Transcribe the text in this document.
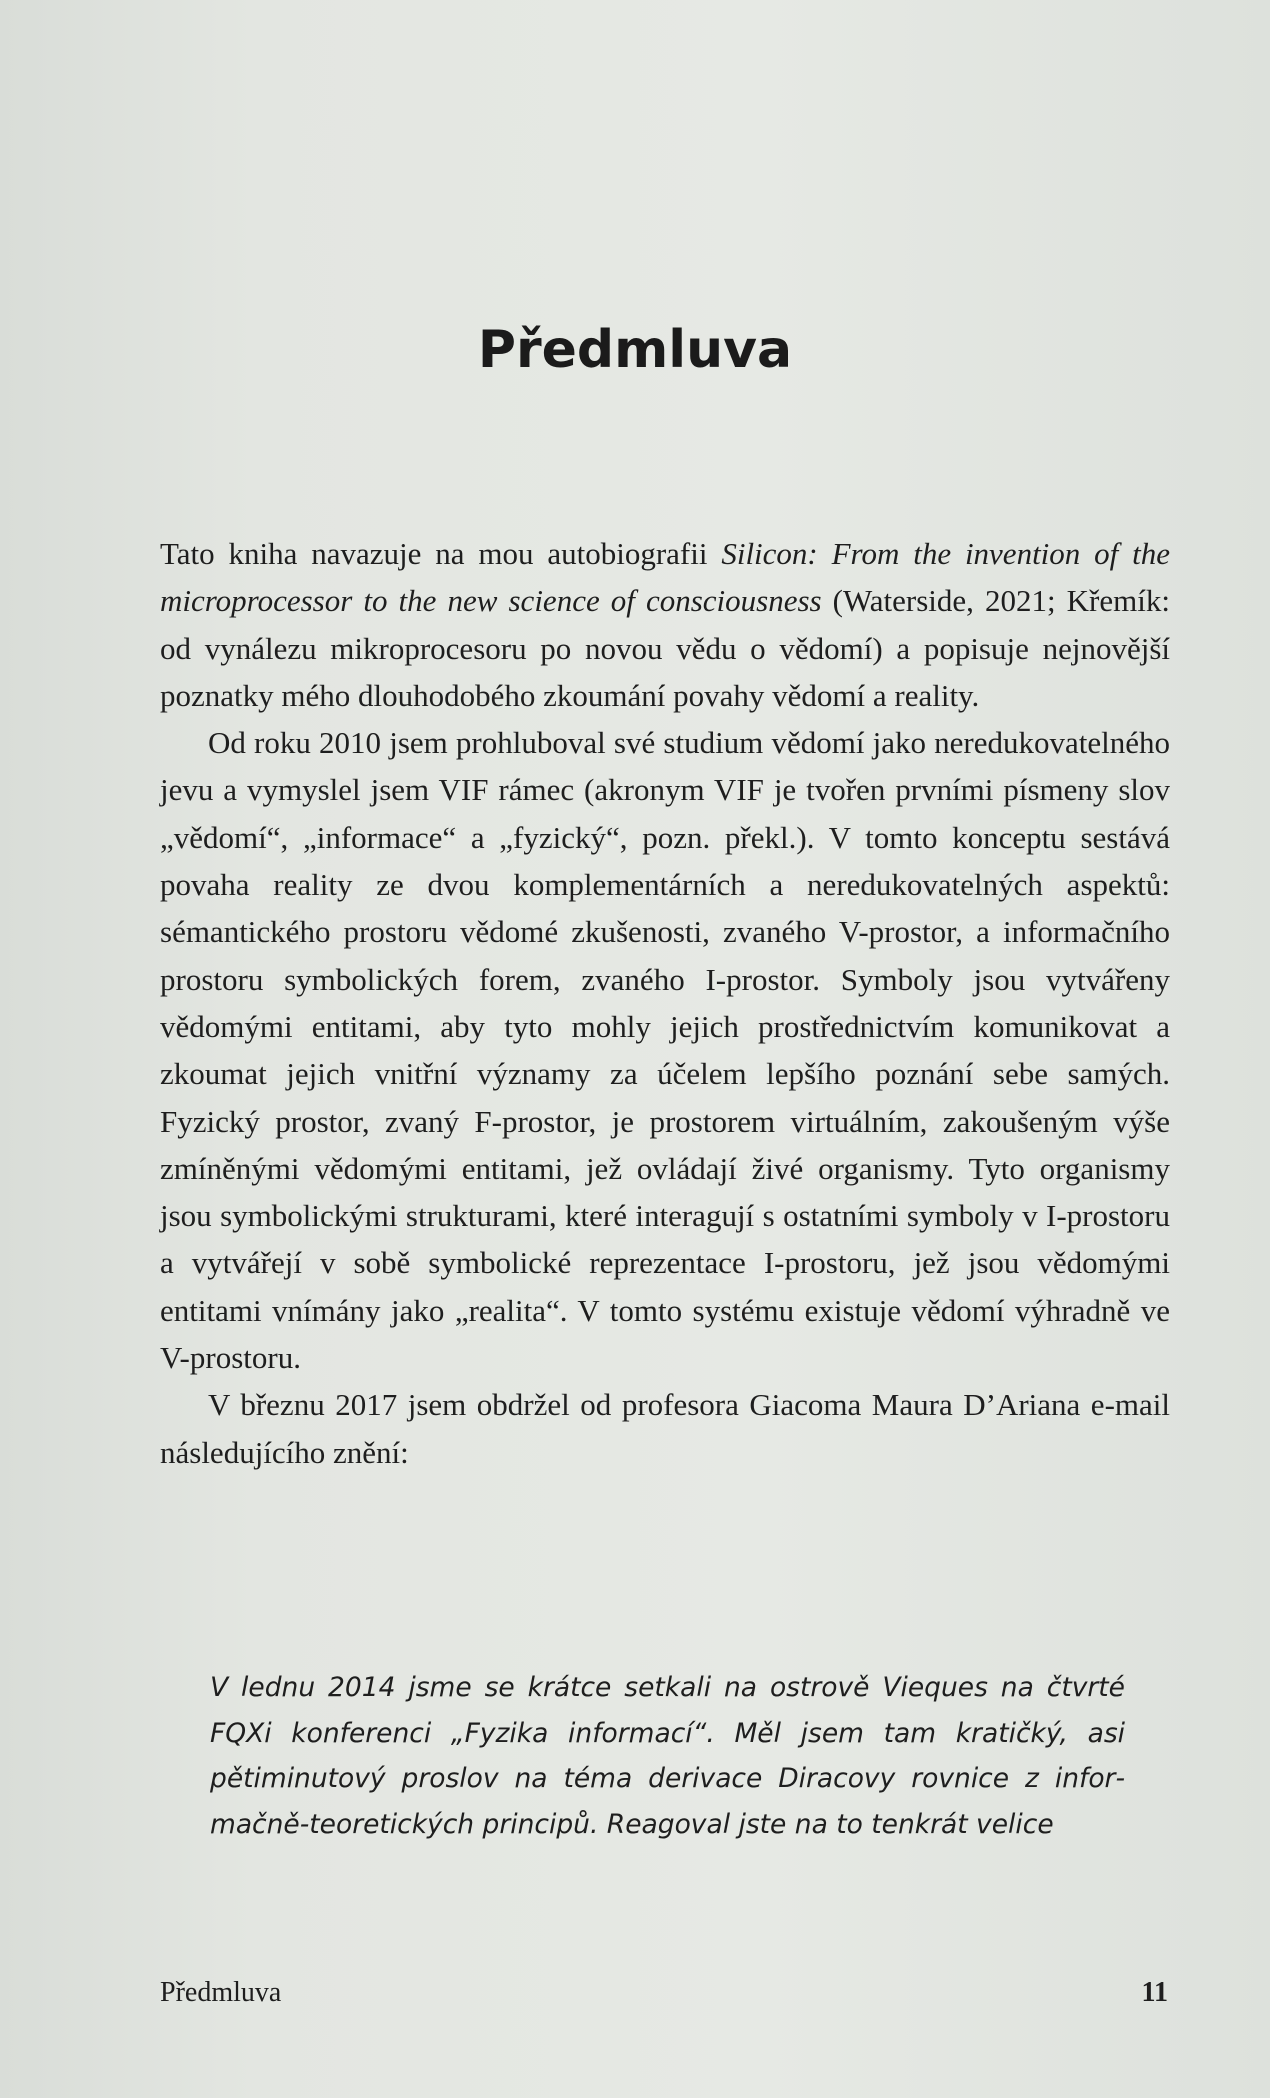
Předmluva

Tato kniha navazuje na mou autobiografii Silicon: From the invention of the microprocessor to the new science of consciousness (Waterside, 2021; Křemík: od vynálezu mikroprocesoru po novou vědu o vědomí) a popisuje nejnovější poznatky mého dlouhodobého zkoumání povahy vědomí a reality.

Od roku 2010 jsem prohluboval své studium vědomí jako neredukovatelného jevu a vymyslel jsem VIF rámec (akronym VIF je tvořen prvními písmeny slov „vědomí“, „informace“ a „fyzický“, pozn. překl.). V tomto konceptu sestává povaha reality ze dvou komplementárních a neredukovatelných aspektů: sémantického prostoru vědomé zkušenosti, zvaného V-prostor, a informačního prostoru symbolických forem, zvaného I-prostor. Symboly jsou vytvářeny vědomými entitami, aby tyto mohly jejich prostřednictvím komunikovat a zkoumat jejich vnitřní významy za účelem lepšího poznání sebe samých. Fyzický prostor, zvaný F-prostor, je prostorem virtuálním, zakoušeným výše zmíněnými vědomými entitami, jež ovládají živé organismy. Tyto organismy jsou symbolickými strukturami, které interagují s ostatními symboly v I-prostoru a vytvářejí v sobě symbolické reprezentace I-prostoru, jež jsou vědomými entitami vnímány jako „realita“. V tomto systému existuje vědomí výhradně ve V-prostoru.

V březnu 2017 jsem obdržel od profesora Giacoma Maura D’Ariana e-mail následujícího znění:

V lednu 2014 jsme se krátce setkali na ostrově Vieques na čtvrté FQXi konferenci „Fyzika informací“. Měl jsem tam kratičký, asi pětiminutový proslov na téma derivace Diracovy rovnice z informačně-teoretických principů. Reagoval jste na to tenkrát velice

Předmluva	11
